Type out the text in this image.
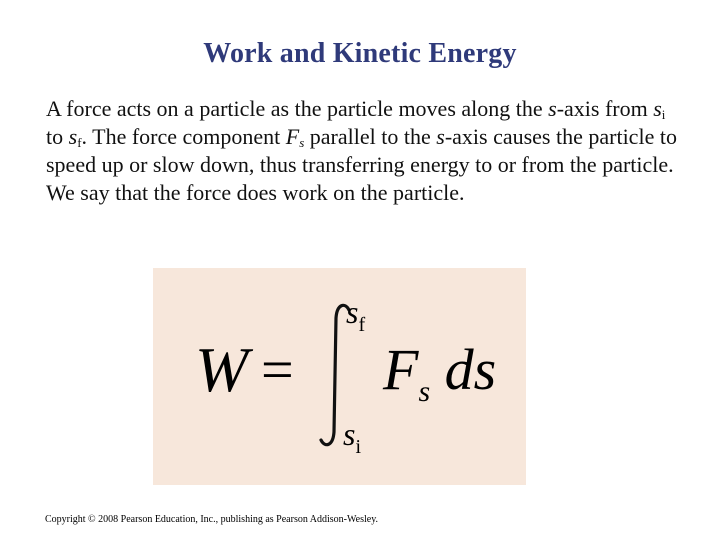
Work and Kinetic Energy
A force acts on a particle as the particle moves along the s-axis from $s_i$ to $s_f$. The force component $F_s$ parallel to the s-axis causes the particle to speed up or slow down, thus transferring energy to or from the particle. We say that the force does work on the particle.
W =
$s_f$
$s_i$
$F_s$ ds
Copyright © 2008 Pearson Education, Inc., publishing as Pearson Addison-Wesley.
